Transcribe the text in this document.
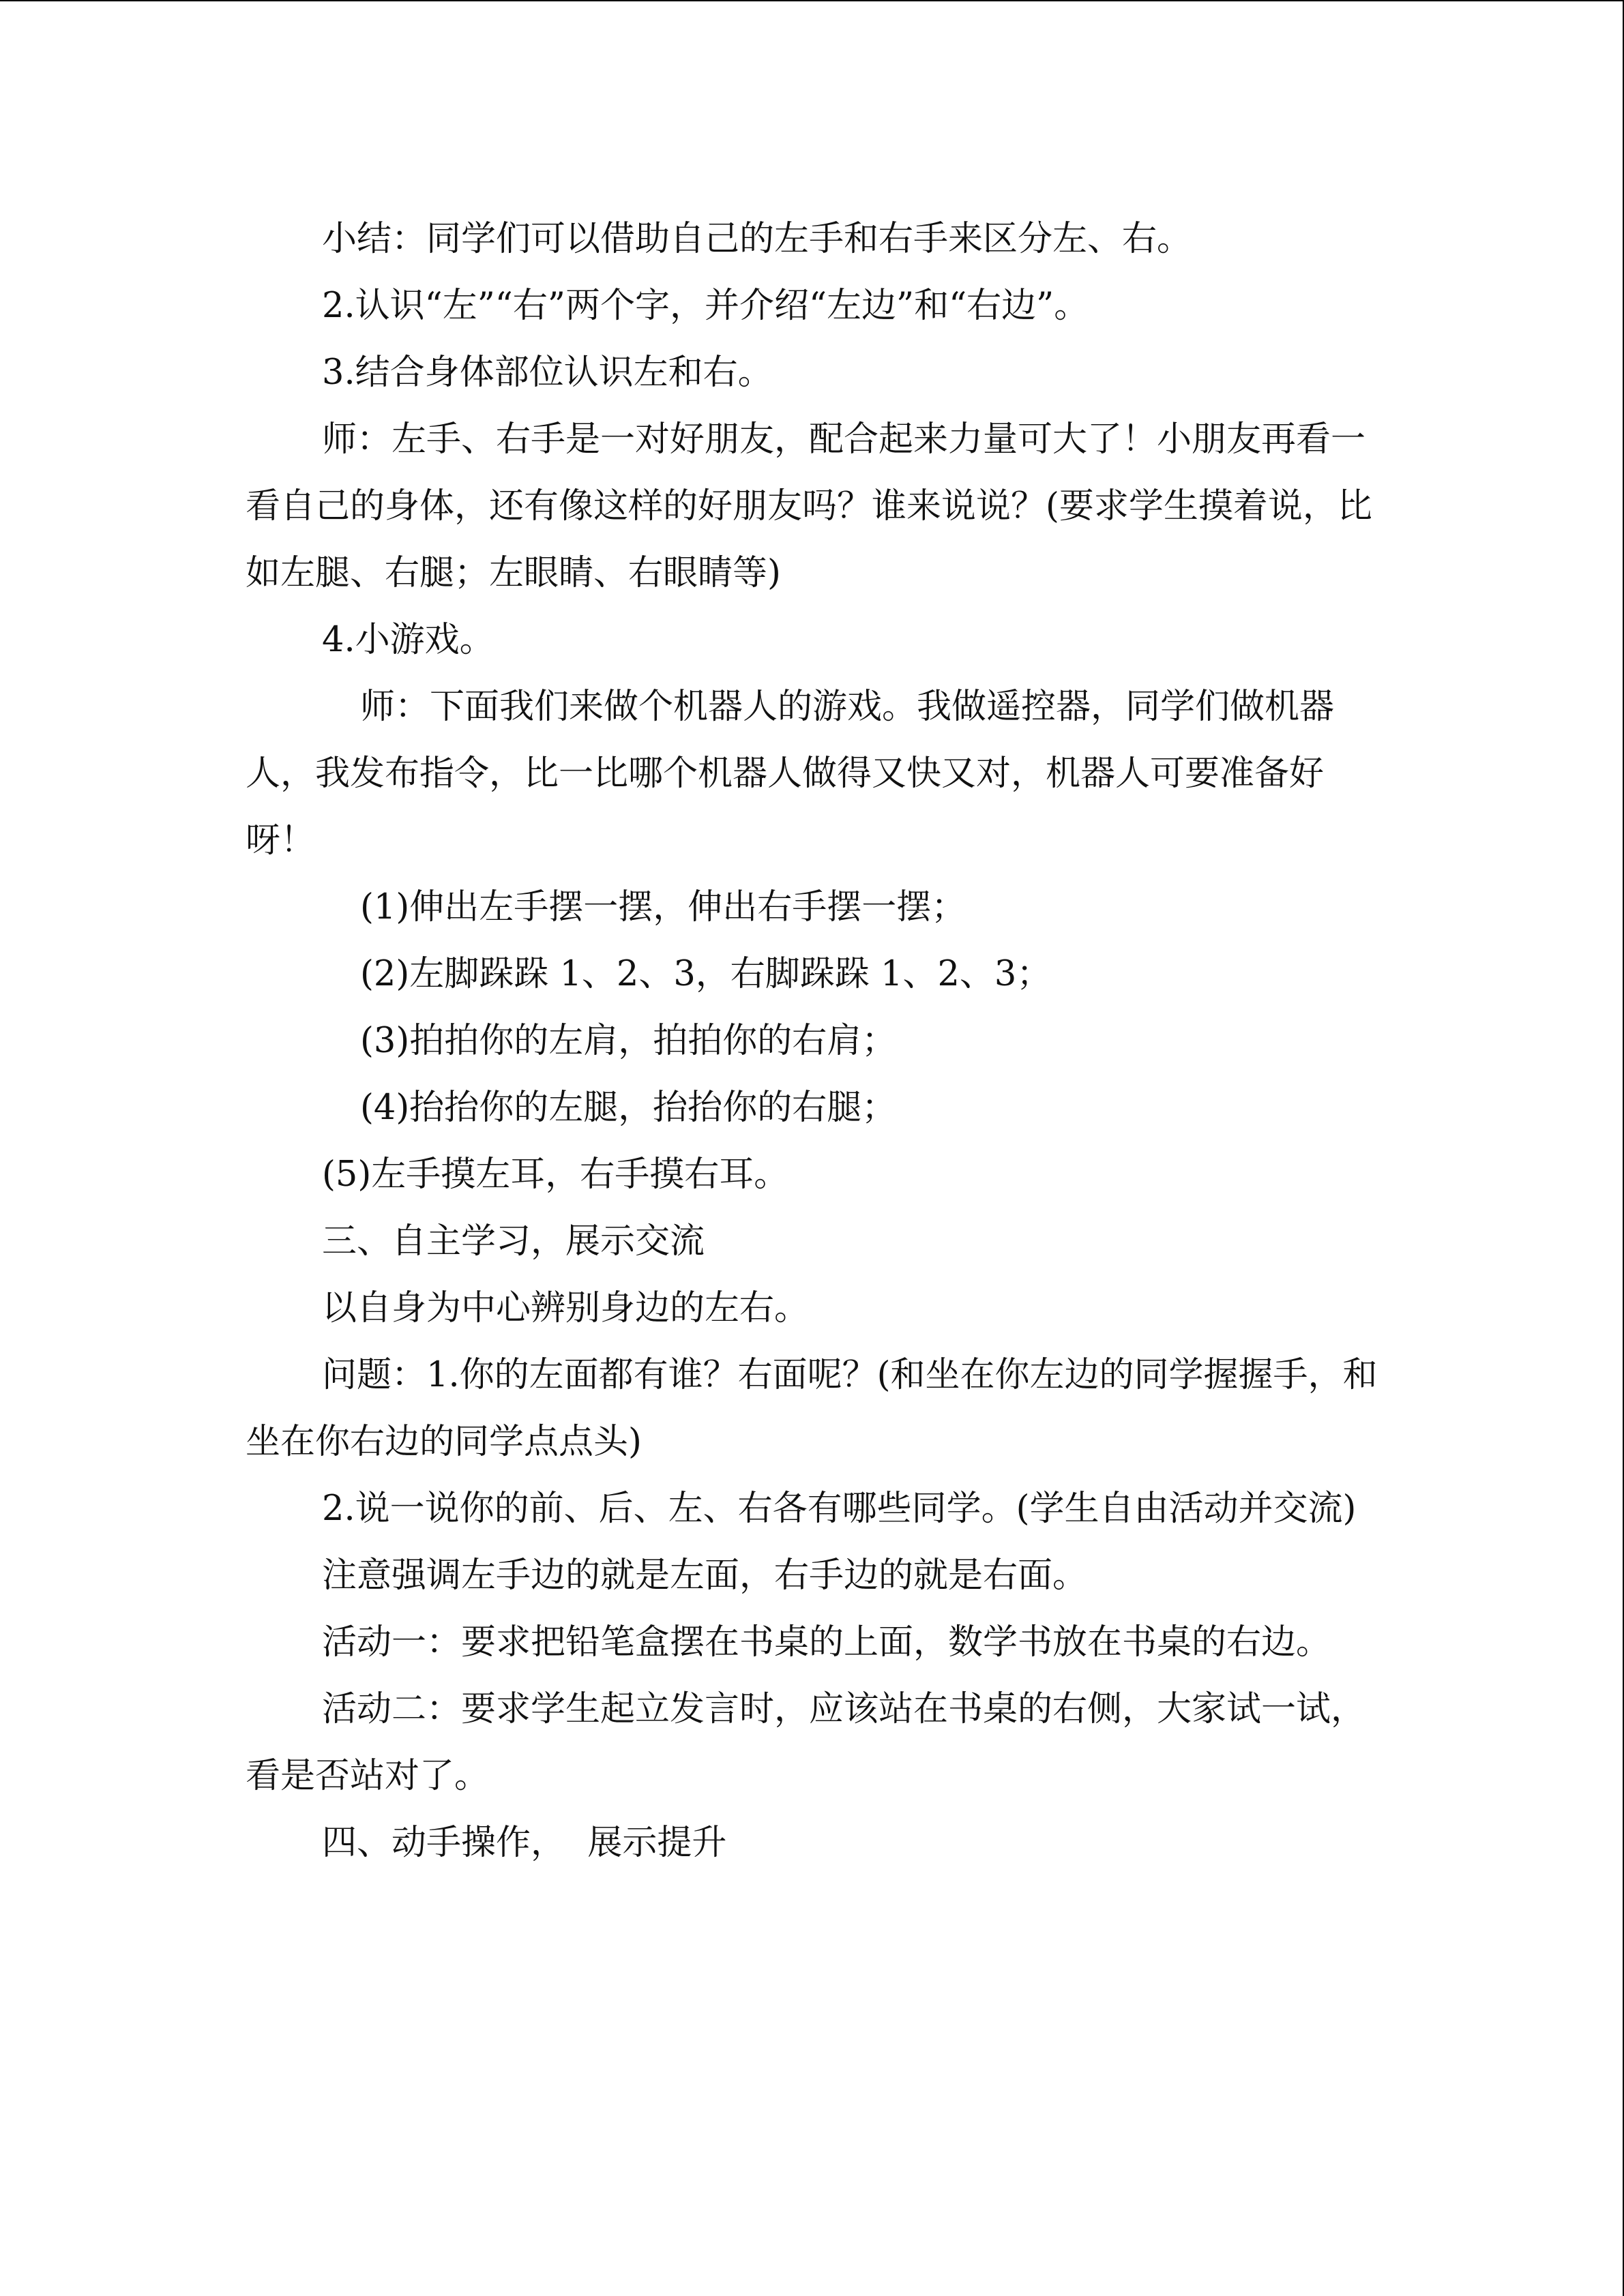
小结：同学们可以借助自己的左手和右手来区分左、右。

2.认识“左”“右”两个字，并介绍“左边”和“右边”。

3.结合身体部位认识左和右。

师：左手、右手是一对好朋友，配合起来力量可大了！小朋友再看一看自己的身体，还有像这样的好朋友吗？谁来说说？(要求学生摸着说，比如左腿、右腿；左眼睛、右眼睛等)

4.小游戏。

师：下面我们来做个机器人的游戏。我做遥控器，同学们做机器人，我发布指令，比一比哪个机器人做得又快又对，机器人可要准备好呀！

(1)伸出左手摆一摆，伸出右手摆一摆；

(2)左脚跺跺 1、2、3，右脚跺跺 1、2、3；

(3)拍拍你的左肩，拍拍你的右肩；

(4)抬抬你的左腿，抬抬你的右腿；

(5)左手摸左耳，右手摸右耳。

三、自主学习，展示交流

以自身为中心辨别身边的左右。

问题：1.你的左面都有谁？右面呢？(和坐在你左边的同学握握手，和坐在你右边的同学点点头)

2.说一说你的前、后、左、右各有哪些同学。(学生自由活动并交流)

注意强调左手边的就是左面，右手边的就是右面。

活动一：要求把铅笔盒摆在书桌的上面，数学书放在书桌的右边。

活动二：要求学生起立发言时，应该站在书桌的右侧，大家试一试，看是否站对了。

四、动手操作，  展示提升
